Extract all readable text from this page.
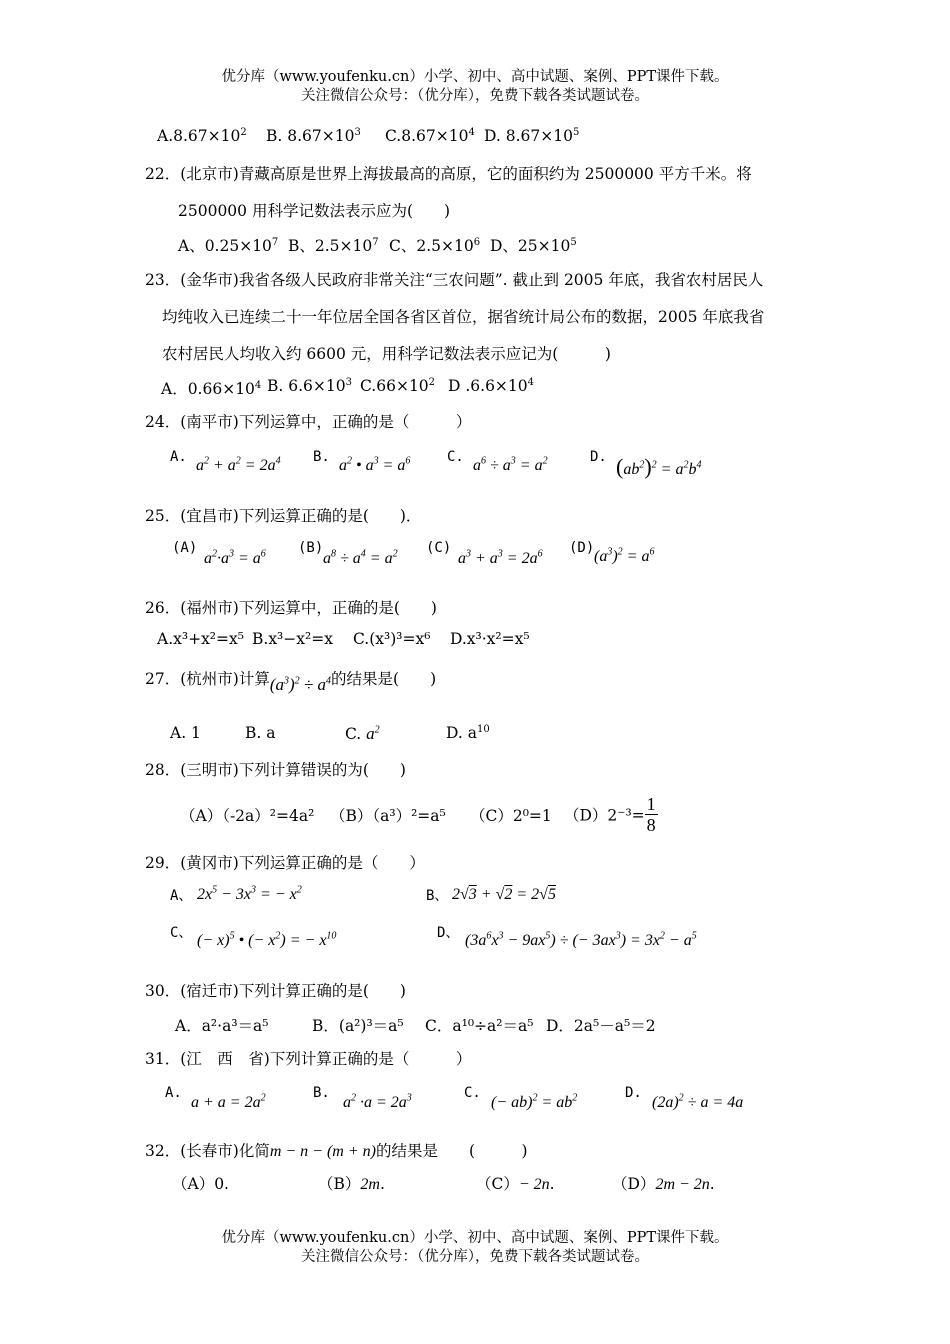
优分库（www.youfenku.cn）小学、初中、高中试题、案例、PPT课件下载。
关注微信公众号：（优分库），免费下载各类试题试卷。
$A.8.67\times 10^2$ B. $8.67\times 10^3$ $C.8.67\times 10^4$ D. $8.67\times 10^5$
22．(北京市)青藏高原是世界上海拔最高的高原，它的面积约为 2500000 平方千米。将
2500000 用科学记数法表示应为(　　)
A、$0.25\times 10^7$ B、$2.5\times 10^7$ C、$2.5\times 10^6$ D、$25\times 10^5$
23．(金华市)我省各级人民政府非常关注“三农问题”. 截止到 2005 年底，我省农村居民人
均纯收入已连续二十一年位居全国各省区首位，据省统计局公布的数据，2005 年底我省
农村居民人均收入约 6600 元，用科学记数法表示应记为(　　　)
A．$0.66\times 10^4$ B. $6.6\times 10^3$ $C.66\times 10^2$ D $.6.6\times 10^4$
24．(南平市)下列运算中，正确的是（　　　）
A. $a^2 + a^2 = 2a^4$ B. $a^2$ • $a^3 = a^6$	C. $a^6 \div a^3 = a^2$	D. $(ab^2)^2 = a^2b^4$
25．(宜昌市)下列运算正确的是(　　)．
(A)
$a^2\cdot a^3 = a^6$ (B)
$a^8 \div a^4 = a^2$ (C)
$a^3 + a^3 = 2a^6$ (D) $(a^3)^2 = a^6$
26．(福州市)下列运算中，正确的是(　　)
A.x³+x²=x⁵ B.x³−x²=x C.(x³)³=x⁶ D.x³·x²=x⁵
27．(杭州市)计算$(a^3)^2 \div a^4$的结果是(　　)
A. 1	B. a	C. $a^2$	D. $a^{10}$
28．(三明市)下列计算错误的为(　　)
（A）（-2a）²=4a² （B）（a³）²=a⁵ （C）2⁰=1 $(D)2^{-3}= \frac{1}{8}$
29．(黄冈市)下列运算正确的是（　　）
A、 $2x^5 - 3x^3$ = − $x^2$	B、 2√3 + √2 = 2√5
C、 (− x)$^5$ • (− $x^2$) = − $x^{10}$	D、 $(3a^6x^3 - 9ax^5)$ ÷ (− $3ax^3) = 3x^2 - a^5$
30．(宿迁市)下列计算正确的是(　　)
A．a²·a³＝a⁵	B．(a²)³＝a⁵ C．a¹⁰÷a²＝a⁵ D．2a⁵－a⁵＝2
31．(江　西　省)下列计算正确的是（　　　）
A.
$a + a = 2a^2$	B.
$a^2 \cdot a = 2a^3$	C.
(− $ab)^2 = ab^2$	D.
$(2a)^2 \div a = 4a$
32．(长春市)化简m − n − (m + n)的结果是　　(　　　)
（A）0.	（B）2m.	（C）− 2n.	（D）2m − 2n.
优分库（www.youfenku.cn）小学、初中、高中试题、案例、PPT课件下载。
关注微信公众号：（优分库），免费下载各类试题试卷。
